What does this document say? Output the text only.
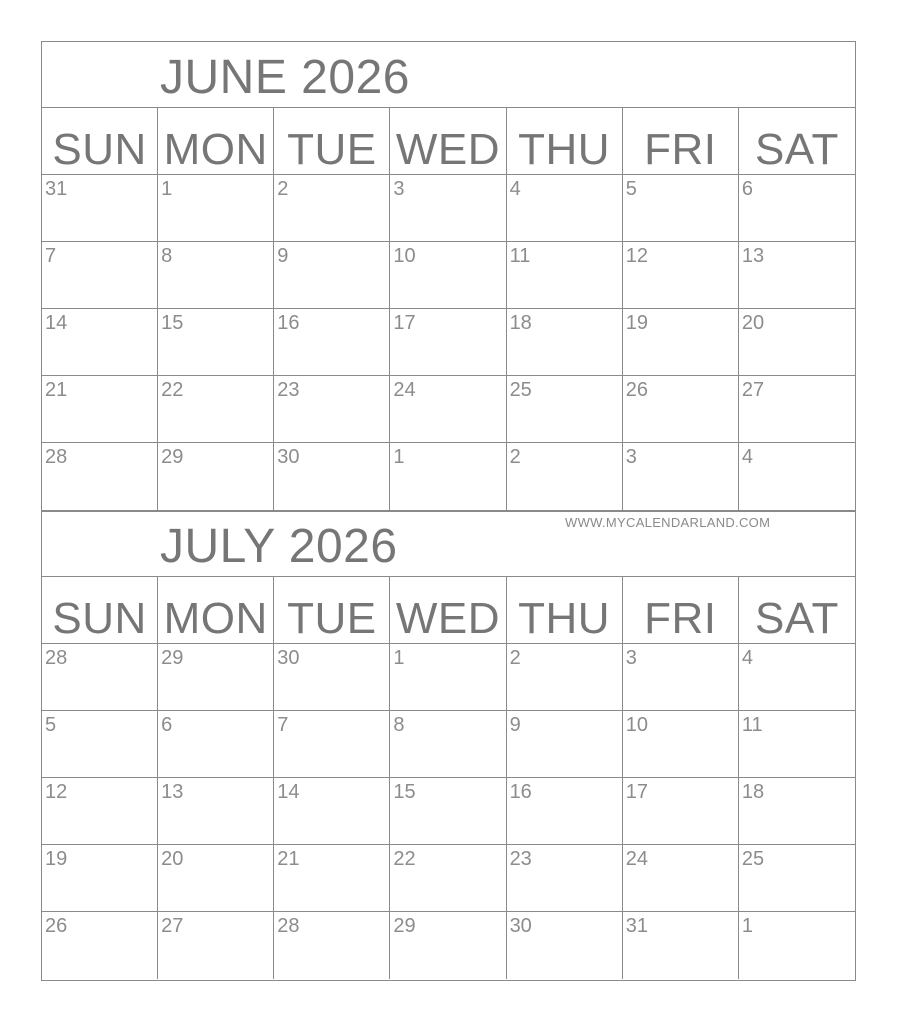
JUNE 2026
SUN MON TUE WED THU FRI SAT
31	1	2	3	4	5	6
7	8	9	10	11	12	13
14	15	16	17	18	19	20
21	22	23	24	25	26	27
28	29	30	1	2	3	4
WWW.MYCALENDARLAND.COM
JULY 2026
SUN MON TUE WED THU FRI SAT
28	29	30	1	2	3	4
5	6	7	8	9	10	11
12	13	14	15	16	17	18
19	20	21	22	23	24	25
26	27	28	29	30	31	1
